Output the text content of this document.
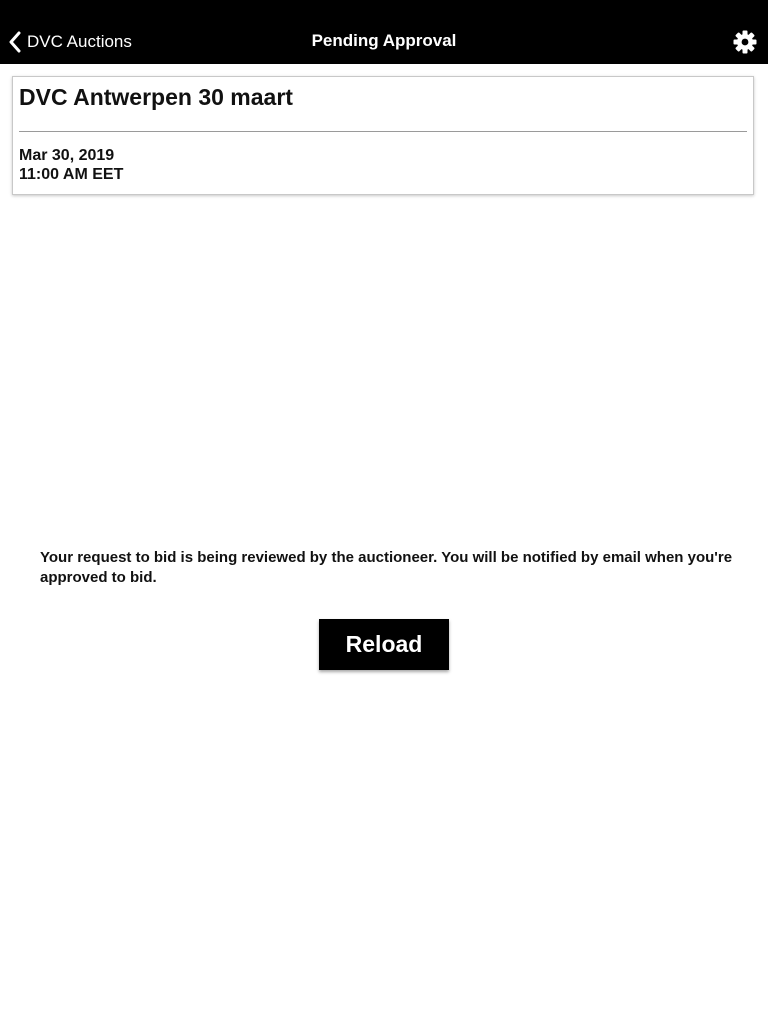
DVC Auctions	Pending Approval
DVC Antwerpen 30 maart
Mar 30, 2019
11:00 AM EET
Your request to bid is being reviewed by the auctioneer. You will be notified by email when you're approved to bid.
Reload
